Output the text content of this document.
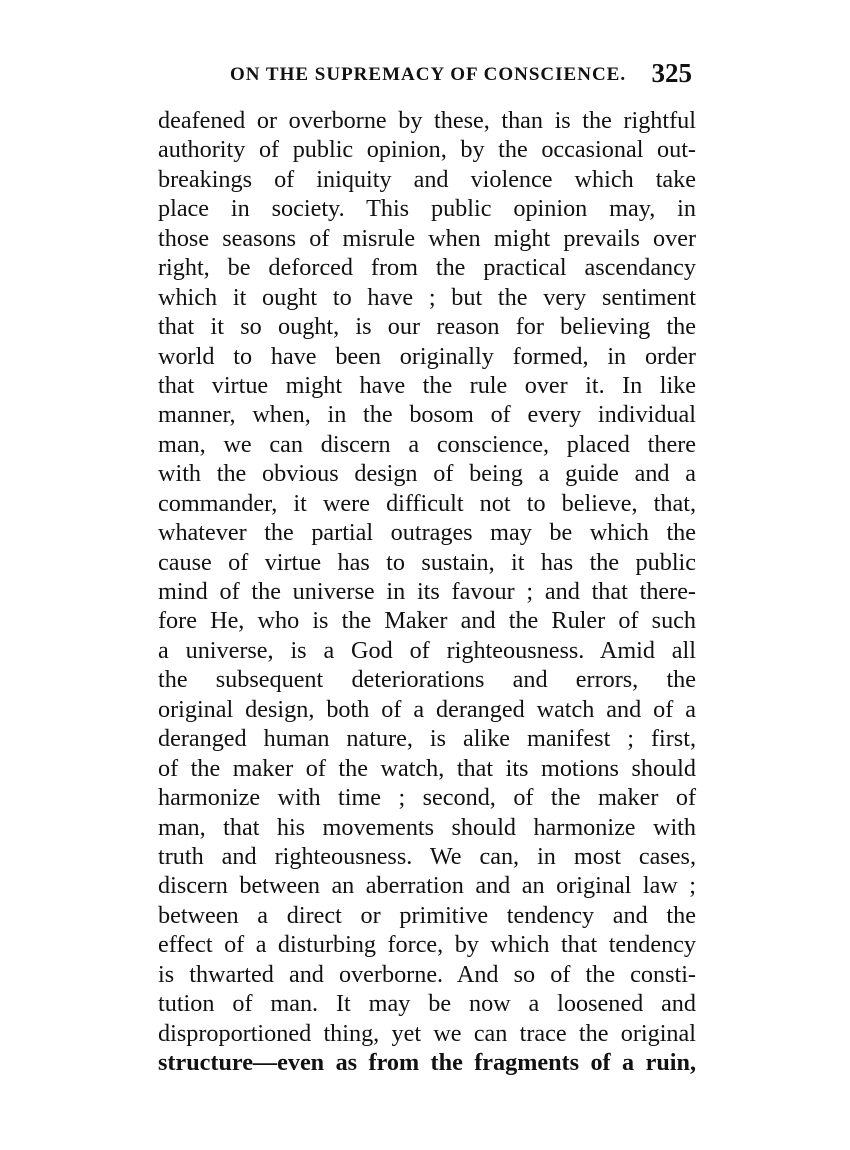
ON THE SUPREMACY OF CONSCIENCE. 325
deafened or overborne by these, than is the rightful
authority of public opinion, by the occasional out-
breakings of iniquity and violence which take
place in society. This public opinion may, in
those seasons of misrule when might prevails over
right, be deforced from the practical ascendancy
which it ought to have ; but the very sentiment
that it so ought, is our reason for believing the
world to have been originally formed, in order
that virtue might have the rule over it. In like
manner, when, in the bosom of every individual
man, we can discern a conscience, placed there
with the obvious design of being a guide and a
commander, it were difficult not to believe, that,
whatever the partial outrages may be which the
cause of virtue has to sustain, it has the public
mind of the universe in its favour ; and that there-
fore He, who is the Maker and the Ruler of such
a universe, is a God of righteousness. Amid all
the subsequent deteriorations and errors, the
original design, both of a deranged watch and of a
deranged human nature, is alike manifest ; first,
of the maker of the watch, that its motions should
harmonize with time ; second, of the maker of
man, that his movements should harmonize with
truth and righteousness. We can, in most cases,
discern between an aberration and an original law ;
between a direct or primitive tendency and the
effect of a disturbing force, by which that tendency
is thwarted and overborne. And so of the consti-
tution of man. It may be now a loosened and
disproportioned thing, yet we can trace the original
structure—even as from the fragments of a ruin,
